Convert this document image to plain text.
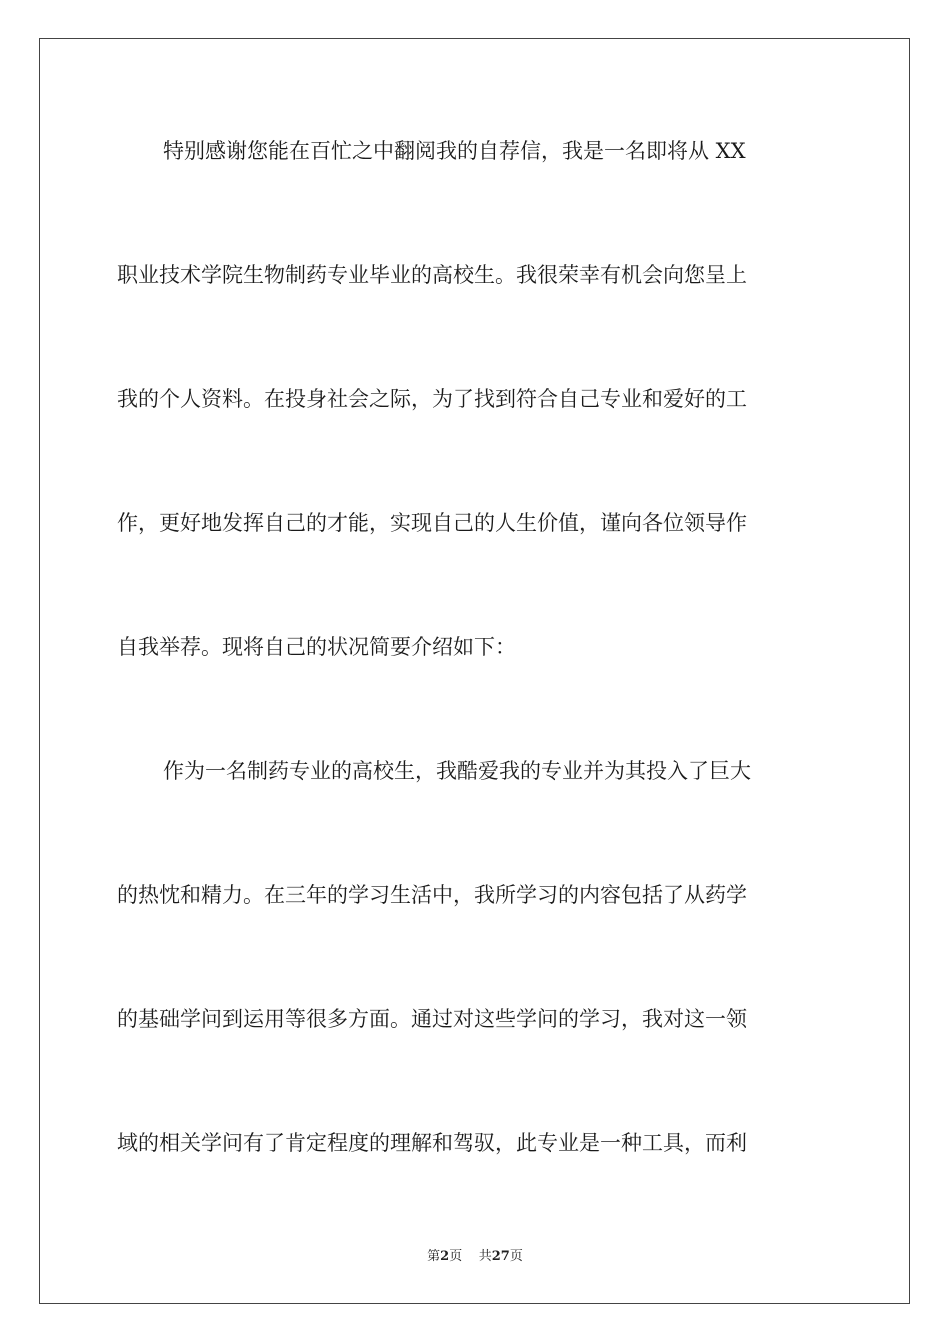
特别感谢您能在百忙之中翻阅我的自荐信，我是一名即将从 XX
职业技术学院生物制药专业毕业的高校生。我很荣幸有机会向您呈上
我的个人资料。在投身社会之际，为了找到符合自己专业和爱好的工
作，更好地发挥自己的才能，实现自己的人生价值，谨向各位领导作
自我举荐。现将自己的状况简要介绍如下：
作为一名制药专业的高校生，我酷爱我的专业并为其投入了巨大
的热忱和精力。在三年的学习生活中，我所学习的内容包括了从药学
的基础学问到运用等很多方面。通过对这些学问的学习，我对这一领
域的相关学问有了肯定程度的理解和驾驭，此专业是一种工具，而利
第2页 共27页
